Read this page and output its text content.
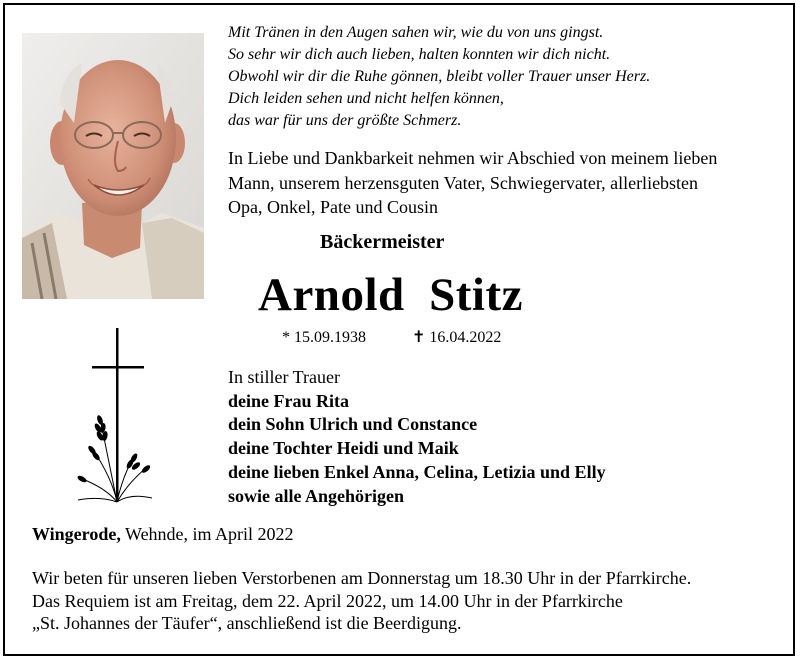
Mit Tränen in den Augen sahen wir, wie du von uns gingst.
So sehr wir dich auch lieben, halten konnten wir dich nicht.
Obwohl wir dir die Ruhe gönnen, bleibt voller Trauer unser Herz.
Dich leiden sehen und nicht helfen können,
das war für uns der größte Schmerz.
In Liebe und Dankbarkeit nehmen wir Abschied von meinem lieben
Mann, unserem herzensguten Vater, Schwiegervater, allerliebsten
Opa, Onkel, Pate und Cousin
Bäckermeister
Arnold  Stitz
* 15.09.1938	✝ 16.04.2022
In stiller Trauer
deine Frau Rita
dein Sohn Ulrich und Constance
deine Tochter Heidi und Maik
deine lieben Enkel Anna, Celina, Letizia und Elly
sowie alle Angehörigen
Wingerode, Wehnde, im April 2022
Wir beten für unseren lieben Verstorbenen am Donnerstag um 18.30 Uhr in der Pfarrkirche.
Das Requiem ist am Freitag, dem 22. April 2022, um 14.00 Uhr in der Pfarrkirche
„St. Johannes der Täufer“, anschließend ist die Beerdigung.
